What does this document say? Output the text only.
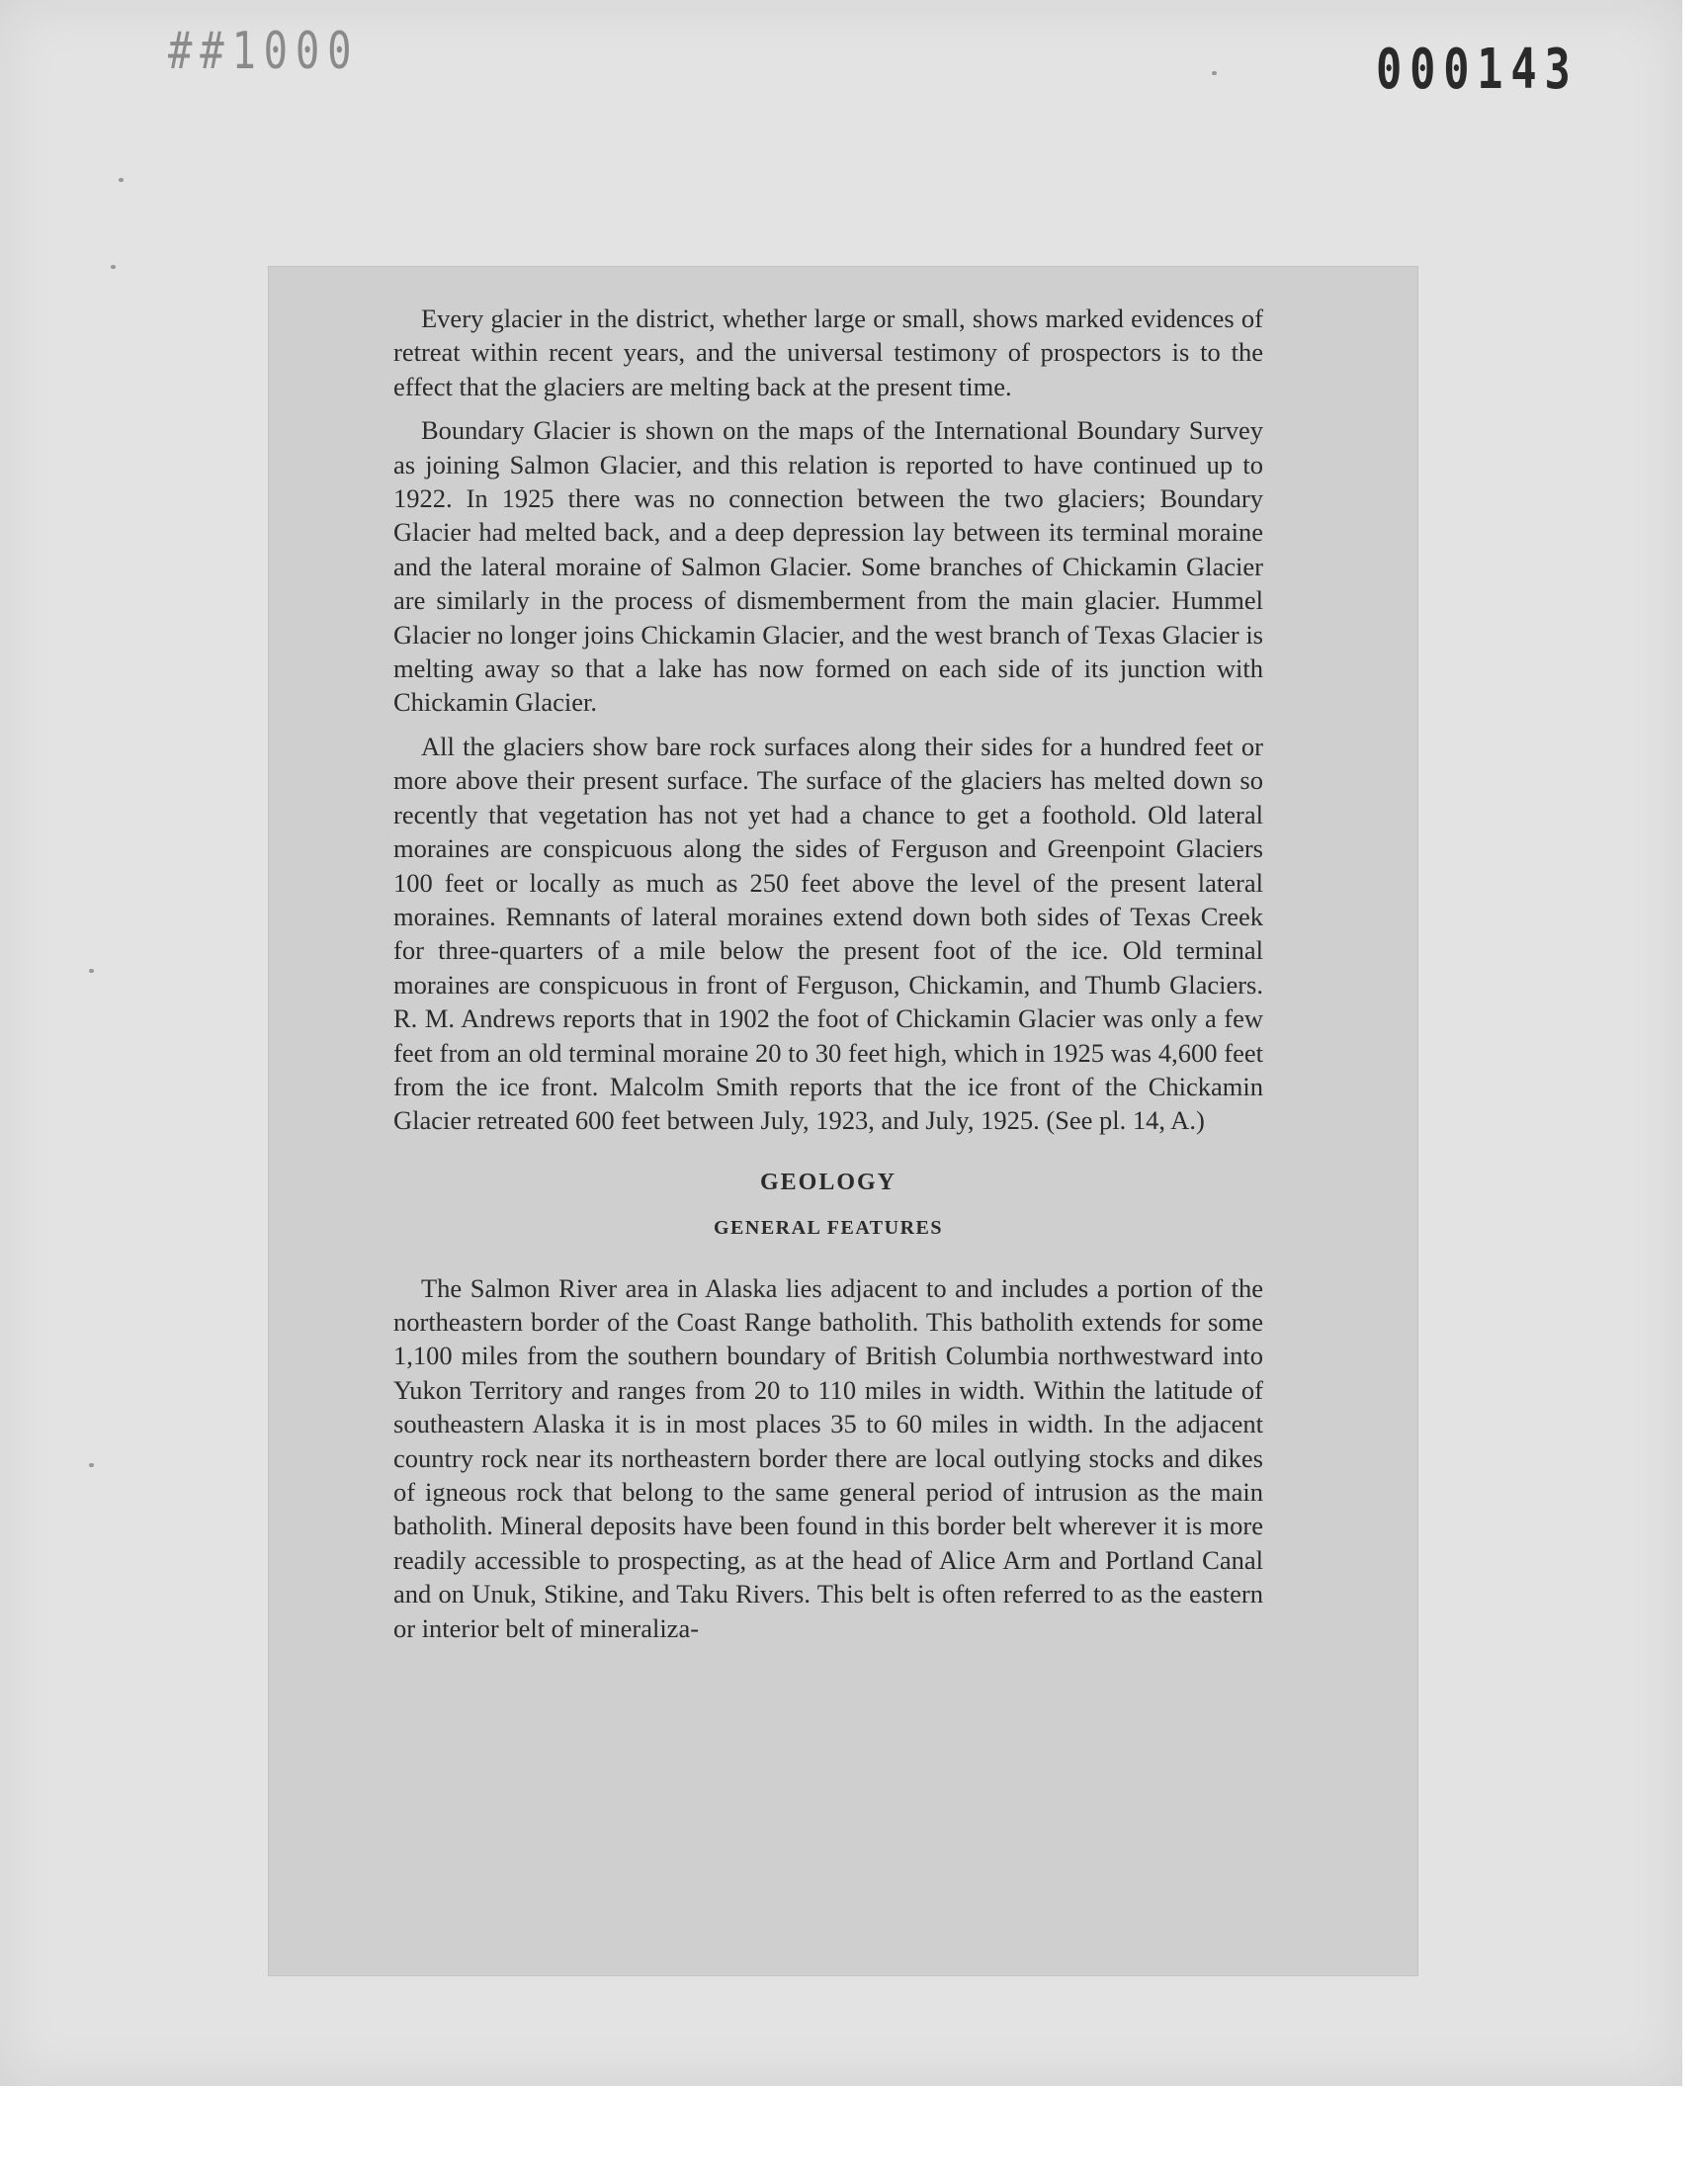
##1000	000143

Every glacier in the district, whether large or small, shows marked evidences of retreat within recent years, and the universal testimony of prospectors is to the effect that the glaciers are melting back at the present time.

Boundary Glacier is shown on the maps of the International Boundary Survey as joining Salmon Glacier, and this relation is reported to have continued up to 1922. In 1925 there was no connection between the two glaciers; Boundary Glacier had melted back, and a deep depression lay between its terminal moraine and the lateral moraine of Salmon Glacier. Some branches of Chickamin Glacier are similarly in the process of dismemberment from the main glacier. Hummel Glacier no longer joins Chickamin Glacier, and the west branch of Texas Glacier is melting away so that a lake has now formed on each side of its junction with Chickamin Glacier.

All the glaciers show bare rock surfaces along their sides for a hundred feet or more above their present surface. The surface of the glaciers has melted down so recently that vegetation has not yet had a chance to get a foothold. Old lateral moraines are conspicuous along the sides of Ferguson and Greenpoint Glaciers 100 feet or locally as much as 250 feet above the level of the present lateral moraines. Remnants of lateral moraines extend down both sides of Texas Creek for three-quarters of a mile below the present foot of the ice. Old terminal moraines are conspicuous in front of Ferguson, Chickamin, and Thumb Glaciers. R. M. Andrews reports that in 1902 the foot of Chickamin Glacier was only a few feet from an old terminal moraine 20 to 30 feet high, which in 1925 was 4,600 feet from the ice front. Malcolm Smith reports that the ice front of the Chickamin Glacier retreated 600 feet between July, 1923, and July, 1925. (See pl. 14, A.)

GEOLOGY
GENERAL FEATURES

The Salmon River area in Alaska lies adjacent to and includes a portion of the northeastern border of the Coast Range batholith. This batholith extends for some 1,100 miles from the southern boundary of British Columbia northwestward into Yukon Territory and ranges from 20 to 110 miles in width. Within the latitude of southeastern Alaska it is in most places 35 to 60 miles in width. In the adjacent country rock near its northeastern border there are local outlying stocks and dikes of igneous rock that belong to the same general period of intrusion as the main batholith. Mineral deposits have been found in this border belt wherever it is more readily accessible to prospecting, as at the head of Alice Arm and Portland Canal and on Unuk, Stikine, and Taku Rivers. This belt is often referred to as the eastern or interior belt of mineraliza-
